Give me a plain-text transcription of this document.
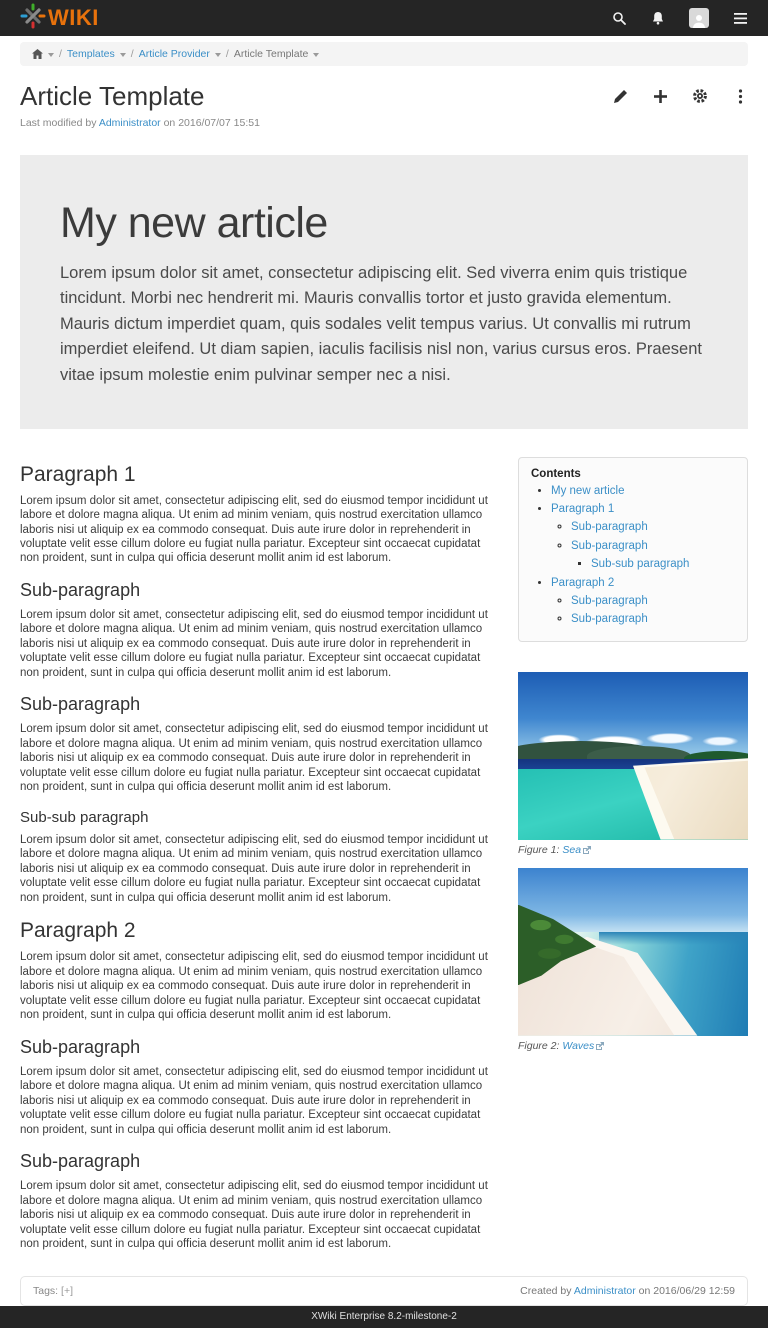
WIKI
/ Templates / Article Provider / Article Template
Article Template
Last modified by Administrator on 2016/07/07 15:51
My new article

Lorem ipsum dolor sit amet, consectetur adipiscing elit. Sed viverra enim quis tristique tincidunt. Morbi nec hendrerit mi. Mauris convallis tortor et justo gravida elementum. Mauris dictum imperdiet quam, quis sodales velit tempus varius. Ut convallis mi rutrum imperdiet eleifend. Ut diam sapien, iaculis facilisis nisl non, varius cursus eros. Praesent vitae ipsum molestie enim pulvinar semper nec a nisi.

Paragraph 1

Lorem ipsum dolor sit amet, consectetur adipiscing elit, sed do eiusmod tempor incididunt ut labore et dolore magna aliqua. Ut enim ad minim veniam, quis nostrud exercitation ullamco laboris nisi ut aliquip ex ea commodo consequat. Duis aute irure dolor in reprehenderit in voluptate velit esse cillum dolore eu fugiat nulla pariatur. Excepteur sint occaecat cupidatat non proident, sunt in culpa qui officia deserunt mollit anim id est laborum.

Sub-paragraph

Lorem ipsum dolor sit amet, consectetur adipiscing elit, sed do eiusmod tempor incididunt ut labore et dolore magna aliqua. Ut enim ad minim veniam, quis nostrud exercitation ullamco laboris nisi ut aliquip ex ea commodo consequat. Duis aute irure dolor in reprehenderit in voluptate velit esse cillum dolore eu fugiat nulla pariatur. Excepteur sint occaecat cupidatat non proident, sunt in culpa qui officia deserunt mollit anim id est laborum.

Sub-paragraph

Lorem ipsum dolor sit amet, consectetur adipiscing elit, sed do eiusmod tempor incididunt ut labore et dolore magna aliqua. Ut enim ad minim veniam, quis nostrud exercitation ullamco laboris nisi ut aliquip ex ea commodo consequat. Duis aute irure dolor in reprehenderit in voluptate velit esse cillum dolore eu fugiat nulla pariatur. Excepteur sint occaecat cupidatat non proident, sunt in culpa qui officia deserunt mollit anim id est laborum.

Sub-sub paragraph

Lorem ipsum dolor sit amet, consectetur adipiscing elit, sed do eiusmod tempor incididunt ut labore et dolore magna aliqua. Ut enim ad minim veniam, quis nostrud exercitation ullamco laboris nisi ut aliquip ex ea commodo consequat. Duis aute irure dolor in reprehenderit in voluptate velit esse cillum dolore eu fugiat nulla pariatur. Excepteur sint occaecat cupidatat non proident, sunt in culpa qui officia deserunt mollit anim id est laborum.

Paragraph 2

Lorem ipsum dolor sit amet, consectetur adipiscing elit, sed do eiusmod tempor incididunt ut labore et dolore magna aliqua. Ut enim ad minim veniam, quis nostrud exercitation ullamco laboris nisi ut aliquip ex ea commodo consequat. Duis aute irure dolor in reprehenderit in voluptate velit esse cillum dolore eu fugiat nulla pariatur. Excepteur sint occaecat cupidatat non proident, sunt in culpa qui officia deserunt mollit anim id est laborum.

Sub-paragraph

Lorem ipsum dolor sit amet, consectetur adipiscing elit, sed do eiusmod tempor incididunt ut labore et dolore magna aliqua. Ut enim ad minim veniam, quis nostrud exercitation ullamco laboris nisi ut aliquip ex ea commodo consequat. Duis aute irure dolor in reprehenderit in voluptate velit esse cillum dolore eu fugiat nulla pariatur. Excepteur sint occaecat cupidatat non proident, sunt in culpa qui officia deserunt mollit anim id est laborum.

Sub-paragraph

Lorem ipsum dolor sit amet, consectetur adipiscing elit, sed do eiusmod tempor incididunt ut labore et dolore magna aliqua. Ut enim ad minim veniam, quis nostrud exercitation ullamco laboris nisi ut aliquip ex ea commodo consequat. Duis aute irure dolor in reprehenderit in voluptate velit esse cillum dolore eu fugiat nulla pariatur. Excepteur sint occaecat cupidatat non proident, sunt in culpa qui officia deserunt mollit anim id est laborum.

Contents
• My new article
• Paragraph 1
◦ Sub-paragraph
◦ Sub-paragraph
▪ Sub-sub paragraph
• Paragraph 2
◦ Sub-paragraph
◦ Sub-paragraph
Figure 1: Sea
Figure 2: Waves
Tags:
[+]	Created by Administrator on 2016/06/29 12:59
XWiki Enterprise 8.2-milestone-2
